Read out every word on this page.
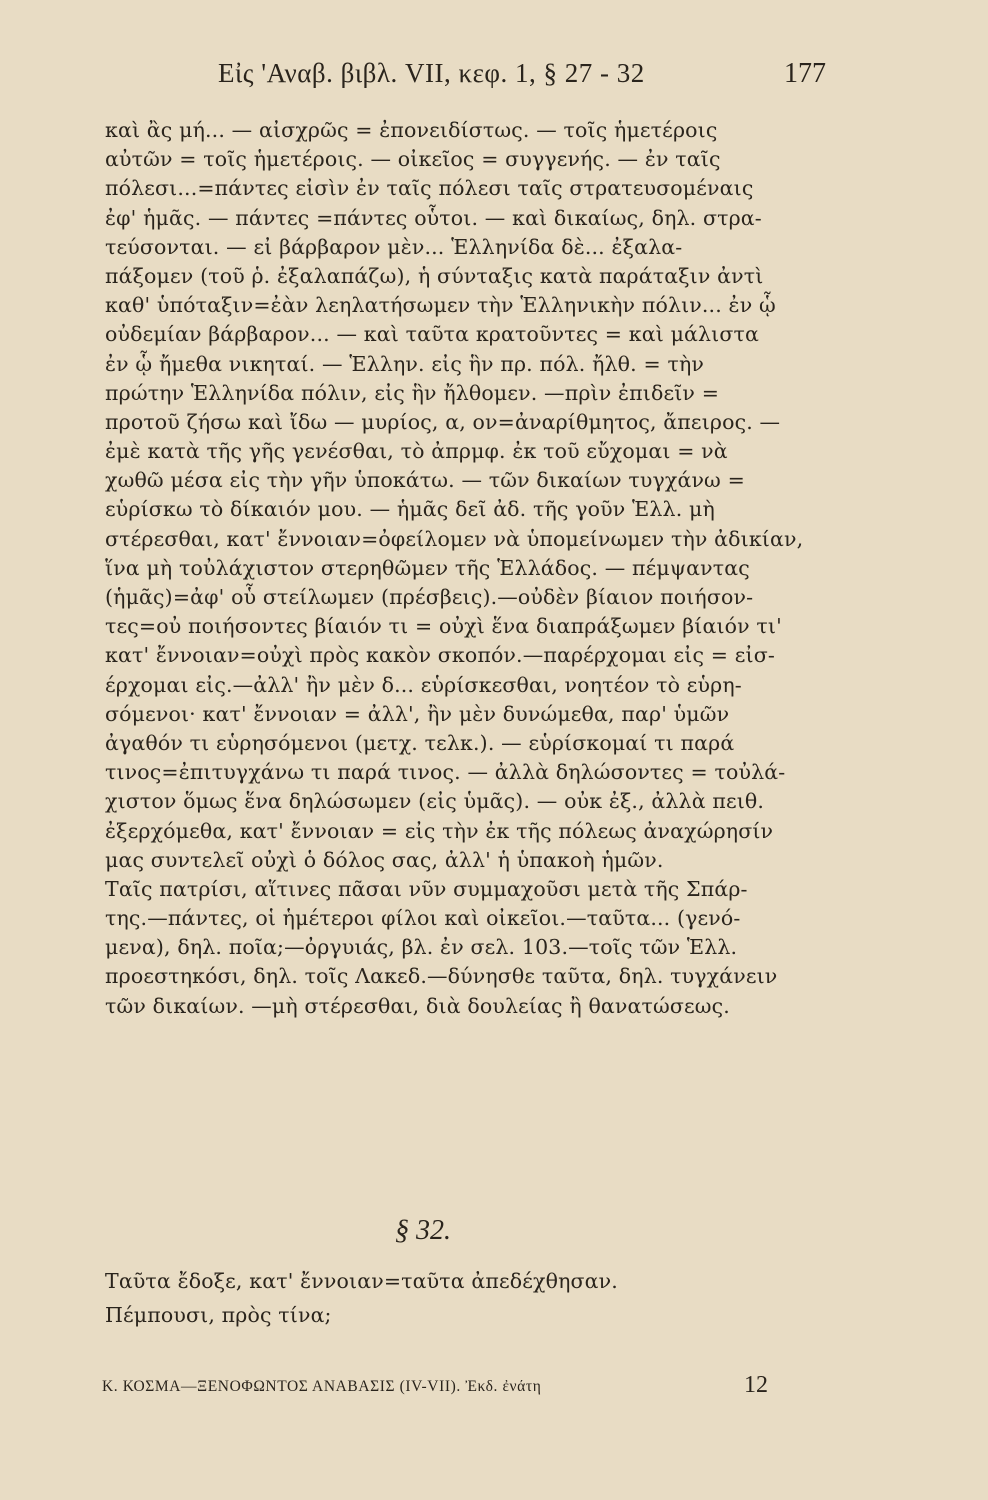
Εἰς 'Αναβ. βιβλ. VII, κεφ. 1, § 27 - 32	177
καὶ ἂς μή... — αἰσχρῶς = ἐπονειδίστως. — τοῖς ἡμετέροις
αὐτῶν = τοῖς ἡμετέροις. — οἰκεῖος = συγγενής. — ἐν ταῖς
πόλεσι...=πάντες εἰσὶν ἐν ταῖς πόλεσι ταῖς στρατευσομέναις
ἐφ' ἡμᾶς. — πάντες =πάντες οὗτοι. — καὶ δικαίως, δηλ. στρα-
τεύσονται. — εἰ βάρβαρον μὲν... Ἑλληνίδα δὲ... ἐξαλα-
πάξομεν (τοῦ ῥ. ἐξαλαπάζω), ἡ σύνταξις κατὰ παράταξιν ἀντὶ
καθ' ὑπόταξιν=ἐὰν λεηλατήσωμεν τὴν Ἑλληνικὴν πόλιν... ἐν ᾧ
οὐδεμίαν βάρβαρον... — καὶ ταῦτα κρατοῦντες = καὶ μάλιστα
ἐν ᾧ ἤμεθα νικηταί. — Ἑλλην. εἰς ἣν πρ. πόλ. ἤλθ. = τὴν
πρώτην Ἑλληνίδα πόλιν, εἰς ἣν ἤλθομεν. —πρὶν ἐπιδεῖν =
προτοῦ ζήσω καὶ ἴδω — μυρίος, α, ον=ἀναρίθμητος, ἄπειρος. —
ἐμὲ κατὰ τῆς γῆς γενέσθαι, τὸ ἀπρμφ. ἐκ τοῦ εὔχομαι = νὰ
χωθῶ μέσα εἰς τὴν γῆν ὑποκάτω. — τῶν δικαίων τυγχάνω =
εὑρίσκω τὸ δίκαιόν μου. — ἡμᾶς δεῖ ἀδ. τῆς γοῦν Ἑλλ. μὴ
στέρεσθαι, κατ' ἔννοιαν=ὀφείλομεν νὰ ὑπομείνωμεν τὴν ἀδικίαν,
ἵνα μὴ τοὐλάχιστον στερηθῶμεν τῆς Ἑλλάδος. — πέμψαντας
(ἡμᾶς)=ἀφ' οὗ στείλωμεν (πρέσβεις).—οὐδὲν βίαιον ποιήσον-
τες=οὐ ποιήσοντες βίαιόν τι = οὐχὶ ἕνα διαπράξωμεν βίαιόν τι'
κατ' ἔννοιαν=οὐχὶ πρὸς κακὸν σκοπόν.—παρέρχομαι εἰς = εἰσ-
έρχομαι εἰς.—ἀλλ' ἢν μὲν δ... εὑρίσκεσθαι, νοητέον τὸ εὑρη-
σόμενοι· κατ' ἔννοιαν = ἀλλ', ἢν μὲν δυνώμεθα, παρ' ὑμῶν
ἀγαθόν τι εὑρησόμενοι (μετχ. τελκ.). — εὑρίσκομαί τι παρά
τινος=ἐπιτυγχάνω τι παρά τινος. — ἀλλὰ δηλώσοντες = τοὐλά-
χιστον ὅμως ἕνα δηλώσωμεν (εἰς ὑμᾶς). — οὐκ ἐξ., ἀλλὰ πειθ.
ἐξερχόμεθα, κατ' ἔννοιαν = εἰς τὴν ἐκ τῆς πόλεως ἀναχώρησίν
μας συντελεῖ οὐχὶ ὁ δόλος σας, ἀλλ' ἡ ὑπακοὴ ἡμῶν.
Ταῖς πατρίσι, αἵτινες πᾶσαι νῦν συμμαχοῦσι μετὰ τῆς Σπάρ-
της.—πάντες, οἱ ἡμέτεροι φίλοι καὶ οἰκεῖοι.—ταῦτα... (γενό-
μενα), δηλ. ποῖα;—ὀργυιάς, βλ. ἐν σελ. 103.—τοῖς τῶν Ἑλλ.
προεστηκόσι, δηλ. τοῖς Λακεδ.—δύνησθε ταῦτα, δηλ. τυγχάνειν
τῶν δικαίων. —μὴ στέρεσθαι, διὰ δουλείας ἢ θανατώσεως.
§ 32.
Ταῦτα ἔδοξε, κατ' ἔννοιαν=ταῦτα ἀπεδέχθησαν.
Πέμπουσι, πρὸς τίνα;
Κ. ΚΟΣΜΑ—ΞΕΝΟΦΩΝΤΟΣ ΑΝΑΒΑΣΙΣ (IV-VII). Ἐκδ. ἐνάτη	12
